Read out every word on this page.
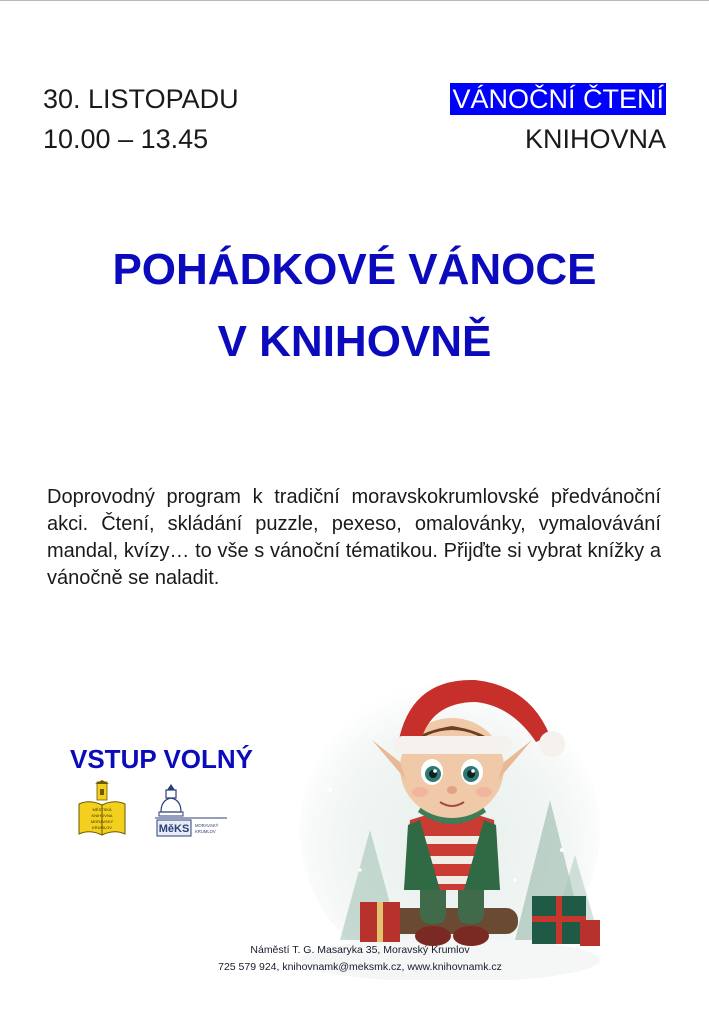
30. LISTOPADU
10.00 – 13.45
VÁNOČNÍ ČTENÍ
KNIHOVNA
POHÁDKOVÉ VÁNOCE
V KNIHOVNĚ
Doprovodný program k tradiční moravskokrumlovské předvánoční akci. Čtení, skládání puzzle, pexeso, omalovánky, vymalovávání mandal, kvízy… to vše s vánoční tématikou. Přijďte si vybrat knížky a vánočně se naladit.
VSTUP VOLNÝ
MĚSTSKÁ
KNIHOVNA
MORAVSKÝ
KRUMLOV	MěKS MORAVSKÝ
KRUMLOV
Náměstí T. G. Masaryka 35, Moravský Krumlov
725 579 924, knihovnamk@meksmk.cz, www.knihovnamk.cz
